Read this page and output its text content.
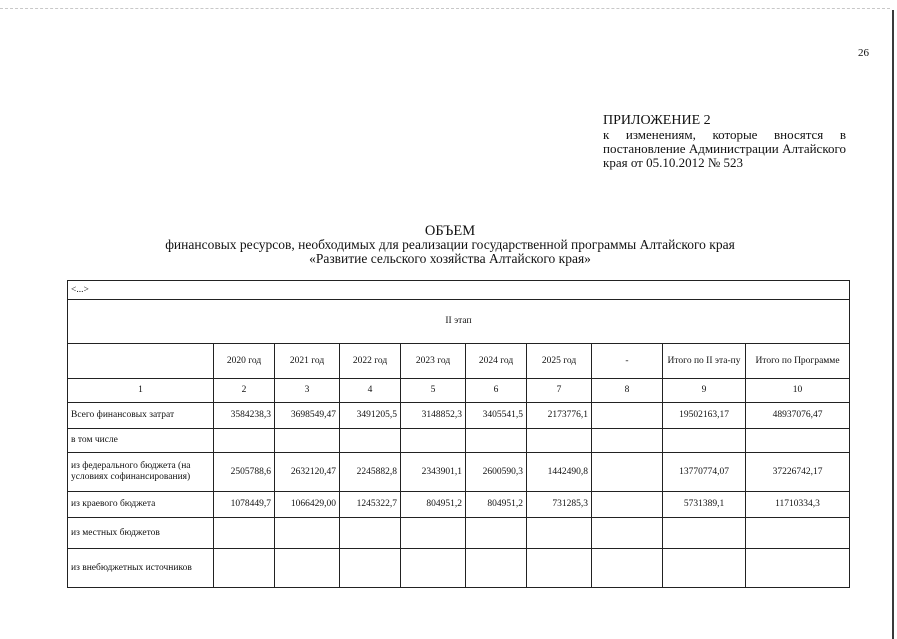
26
ПРИЛОЖЕНИЕ 2
к изменениям, которые вносятся в постановление Администрации Алтайского края от 05.10.2012 № 523
ОБЪЕМ
финансовых ресурсов, необходимых для реализации государственной программы Алтайского края
«Развитие сельского хозяйства Алтайского края»
<...>									
II этап									
	2020 год	2021 год	2022 год	2023 год	2024 год	2025 год	-	Итого по II эта-пу	Итого по Программе
1	2	3	4	5	6	7	8	9	10
Всего финансовых затрат	3584238,3	3698549,47	3491205,5	3148852,3	3405541,5	2173776,1		19502163,17	48937076,47
в том числе									
из федерального бюджета (на условиях софинансирования)	2505788,6	2632120,47	2245882,8	2343901,1	2600590,3	1442490,8		13770774,07	37226742,17
из краевого бюджета	1078449,7	1066429,00	1245322,7	804951,2	804951,2	731285,3		5731389,1	11710334,3
из местных бюджетов									
из внебюджетных источников									
